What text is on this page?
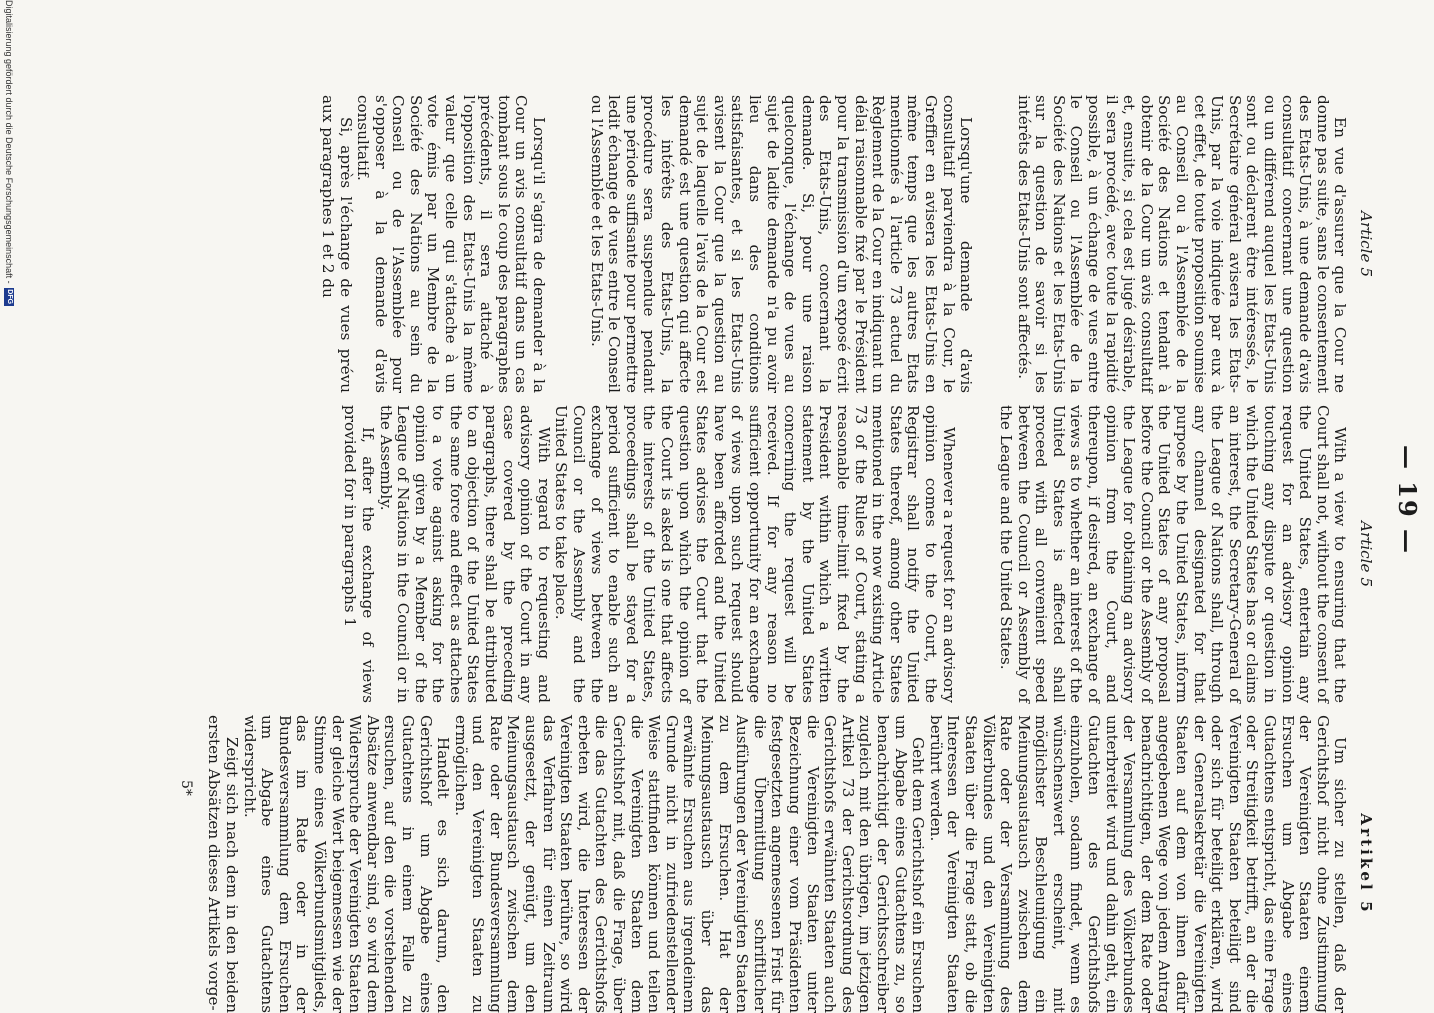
— 19 —

Article 5

En vue d'assurer que la Cour ne donne pas suite, sans le consentement des Etats-Unis, à une demande d'avis consultatif concernant une question ou un différend auquel les Etats-Unis sont ou déclarent être intéressés, le Secrétaire général avisera les Etats-Unis, par la voie indiquée par eux à cet effet, de toute proposition soumise au Conseil ou à l'Assemblée de la Société des Nations et tendant à obtenir de la Cour un avis consultatif et, ensuite, si cela est jugé désirable, il sera procédé, avec toute la rapidité possible, à un échange de vues entre le Conseil ou l'Assemblée de la Société des Nations et les Etats-Unis sur la question de savoir si les intérêts des Etats-Unis sont affectés.

Lorsqu'une demande d'avis consultatif parviendra à la Cour, le Greffier en avisera les Etats-Unis en même temps que les autres Etats mentionnés à l'article 73 actuel du Règlement de la Cour en indiquant un délai raisonnable fixé par le Président pour la transmission d'un exposé écrit des Etats-Unis, concernant la demande. Si, pour une raison quelconque, l'échange de vues au sujet de ladite demande n'a pu avoir lieu dans des conditions satisfaisantes, et si les Etats-Unis avisent la Cour que la question au sujet de laquelle l'avis de la Cour est demandé est une question qui affecte les intérêts des Etats-Unis, la procédure sera suspendue pendant une période suffisante pour permettre ledit échange de vues entre le Conseil ou l'Assemblée et les Etats-Unis.

Lorsqu'il s'agira de demander à la Cour un avis consultatif dans un cas tombant sous le coup des paragraphes précédents, il sera attaché à l'opposition des Etats-Unis la même valeur que celle qui s'attache à un vote émis par un Membre de la Société des Nations au sein du Conseil ou de l'Assemblée pour s'opposer à la demande d'avis consultatif.

Si, après l'échange de vues prévu aux paragraphes 1 et 2 du

Article 5

With a view to ensuring that the Court shall not, without the consent of the United States, entertain any request for an advisory opinion touching any dispute or question in which the United States has or claims an interest, the Secretary-General of the League of Nations shall, through any channel designated for that purpose by the United States, inform the United States of any proposal before the Council or the Assembly of the League for obtaining an advisory opinion from the Court, and thereupon, if desired, an exchange of views as to whether an interest of the United States is affected shall proceed with all convenient speed between the Council or Assembly of the League and the United States.

Whenever a request for an advisory opinion comes to the Court, the Registrar shall notify the United States thereof, among other States mentioned in the now existing Article 73 of the Rules of Court, stating a reasonable time-limit fixed by the President within which a written statement by the United States concerning the request will be received. If for any reason no sufficient opportunity for an exchange of views upon such request should have been afforded and the United States advises the Court that the question upon which the opinion of the Court is asked is one that affects the interests of the United States, proceedings shall be stayed for a period sufficient to enable such an exchange of views between the Council or the Assembly and the United States to take place.

With regard to requesting and advisory opinion of the Court in any case covered by the preceding paragraphs, there shall be attributed to an objection of the United States the same force and effect as attaches to a vote against asking for the opinion given by a Member of the League of Nations in the Council or in the Assembly.

If, after the exchange of views provided for in paragraphs 1

Artikel 5

Um sicher zu stellen, daß der Gerichtshof nicht ohne Zustimmung der Vereinigten Staaten einem Ersuchen um Abgabe eines Gutachtens entspricht, das eine Frage oder Streitigkeit betrifft, an der die Vereinigten Staaten beteiligt sind oder sich für beteiligt erklären, wird der Generalsekretär die Vereinigten Staaten auf dem von ihnen dafür angegebenen Wege von jedem Antrag benachrichtigen, der dem Rate oder der Versammlung des Völkerbundes unterbreitet wird und dahin geht, ein Gutachten des Gerichtshofs einzuholen, sodann findet, wenn es wünschenswert erscheint, mit möglichster Beschleunigung ein Meinungsaustausch zwischen dem Rate oder der Versammlung des Völkerbundes und den Vereinigten Staaten über die Frage statt, ob die Interessen der Vereinigten Staaten berührt werden.

Geht dem Gerichtshof ein Ersuchen um Abgabe eines Gutachtens zu, so benachrichtigt der Gerichtsschreiber zugleich mit den übrigen, im jetzigen Artikel 73 der Gerichtsordnung des Gerichtshofs erwähnten Staaten auch die Vereinigten Staaten unter Bezeichnung einer vom Präsidenten festgesetzten angemessenen Frist für die Übermittlung schriftlicher Ausführungen der Vereinigten Staaten zu dem Ersuchen. Hat der Meinungsaustausch über das erwähnte Ersuchen aus irgendeinem Grunde nicht in zufriedenstellender Weise stattfinden können und teilen die Vereinigten Staaten dem Gerichtshof mit, daß die Frage, über die das Gutachten des Gerichtshofs erbeten wird, die Interessen der Vereinigten Staaten berühre, so wird das Verfahren für einen Zeitraum ausgesetzt, der genügt, um den Meinungsaustausch zwischen dem Rate oder der Bundesversammlung und den Vereinigten Staaten zu ermöglichen.

Handelt es sich darum, den Gerichtshof um Abgabe eines Gutachtens in einem Falle zu ersuchen, auf den die vorstehenden Absätze anwendbar sind, so wird dem Widerspruche der Vereinigten Staaten der gleiche Wert beigemessen wie der Stimme eines Völkerbundsmitglieds, das im Rate oder in der Bundesversammlung dem Ersuchen um Abgabe eines Gutachtens widerspricht.

Zeigt sich nach dem in den beiden ersten Absätzen dieses Artikels vorge-

5*
Digitalisierung gefördert durch die Deutsche Forschungsgemeinschaft -
DFG
